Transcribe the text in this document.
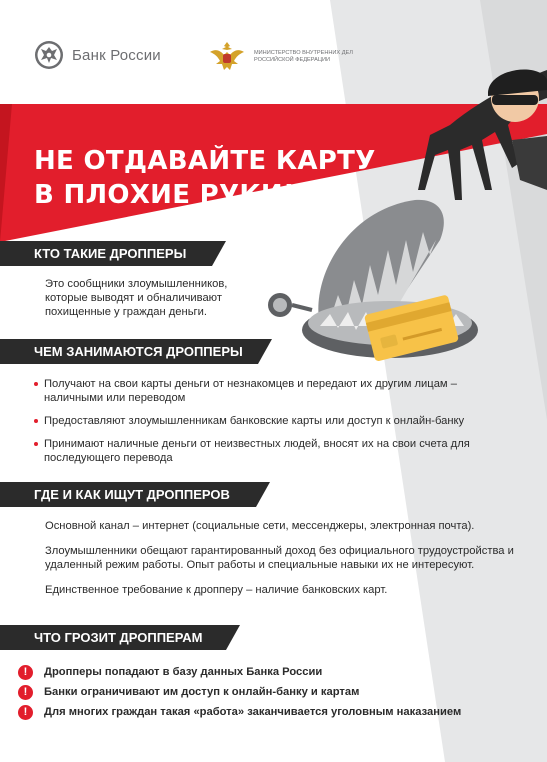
Банк России	МИНИСТЕРСТВО ВНУТРЕННИХ ДЕЛ РОССИЙСКОЙ ФЕДЕРАЦИИ
НЕ ОТДАВАЙТЕ КАРТУ
В ПЛОХИЕ РУКИ!
КТО ТАКИЕ ДРОППЕРЫ
Это сообщники злоумышленников,
которые выводят и обналичивают
похищенные у граждан деньги.
ЧЕМ ЗАНИМАЮТСЯ ДРОППЕРЫ
Получают на свои карты деньги от незнакомцев и передают их другим лицам – наличными или переводом
Предоставляют злоумышленникам банковские карты или доступ к онлайн-банку
Принимают наличные деньги от неизвестных людей, вносят их на свои счета для последующего перевода
ГДЕ И КАК ИЩУТ ДРОППЕРОВ

Основной канал – интернет (социальные сети, мессенджеры, электронная почта).

Злоумышленники обещают гарантированный доход без официального трудоустройства и удаленный режим работы. Опыт работы и специальные навыки их не интересуют.

Единственное требование к дропперу – наличие банковских карт.

ЧТО ГРОЗИТ ДРОППЕРАМ
!	Дропперы попадают в базу данных Банка России
!	Банки ограничивают им доступ к онлайн-банку и картам
!	Для многих граждан такая «работа» заканчивается уголовным наказанием
